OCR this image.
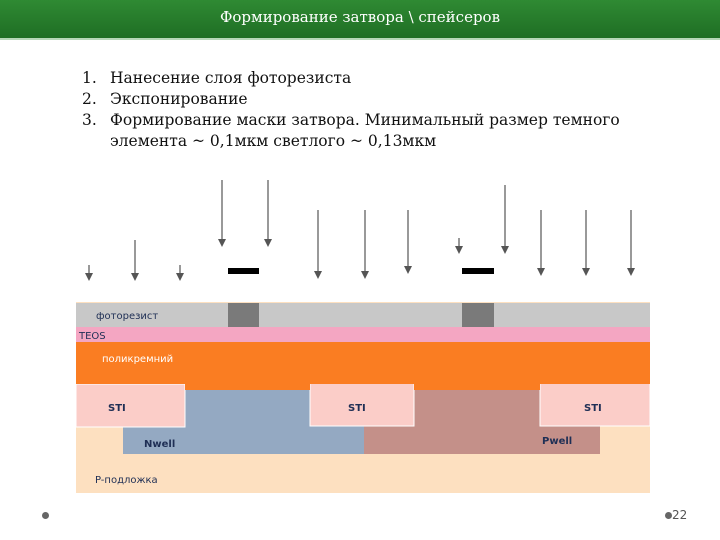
Формирование затвора \ спейсеров
1. Нанесение слоя фоторезиста
2. Экспонирование
3. Формирование маски затвора. Минимальный размер темного элемента ~ 0,1мкм светлого ~ 0,13мкм
фоторезист
TEOS
поликремний
STI	STI	STI
Nwell	Pwell
P-подложка
22
